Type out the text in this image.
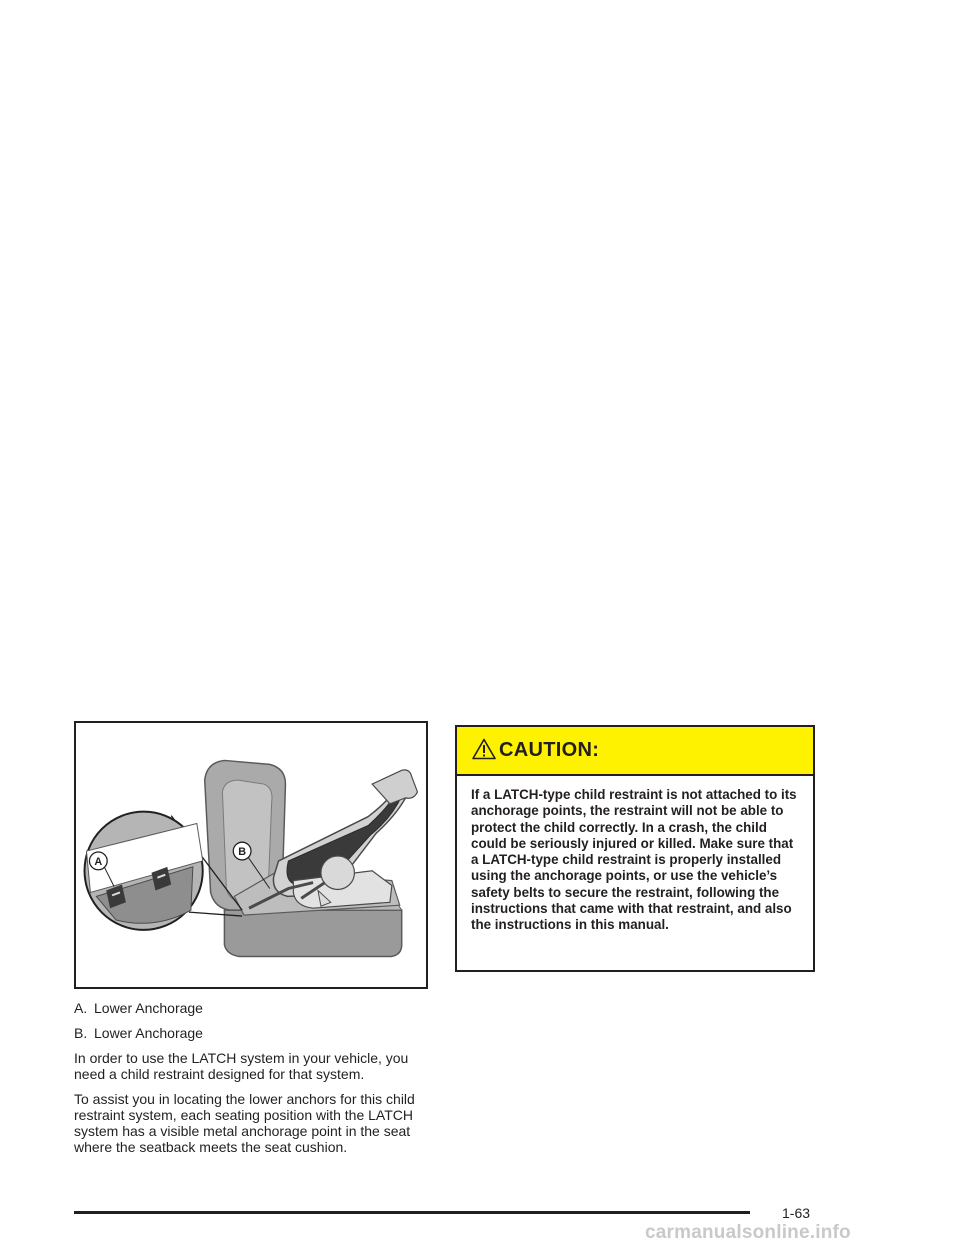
A
B
A. Lower Anchorage
B. Lower Anchorage

In order to use the LATCH system in your vehicle, you need a child restraint designed for that system.

To assist you in locating the lower anchors for this child restraint system, each seating position with the LATCH system has a visible metal anchorage point in the seat where the seatback meets the seat cushion.

CAUTION:
If a LATCH-type child restraint is not attached to its anchorage points, the restraint will not be able to protect the child correctly. In a crash, the child could be seriously injured or killed. Make sure that a LATCH-type child restraint is properly installed using the anchorage points, or use the vehicle’s safety belts to secure the restraint, following the instructions that came with that restraint, and also the instructions in this manual.
1-63
carmanualsonline.info
